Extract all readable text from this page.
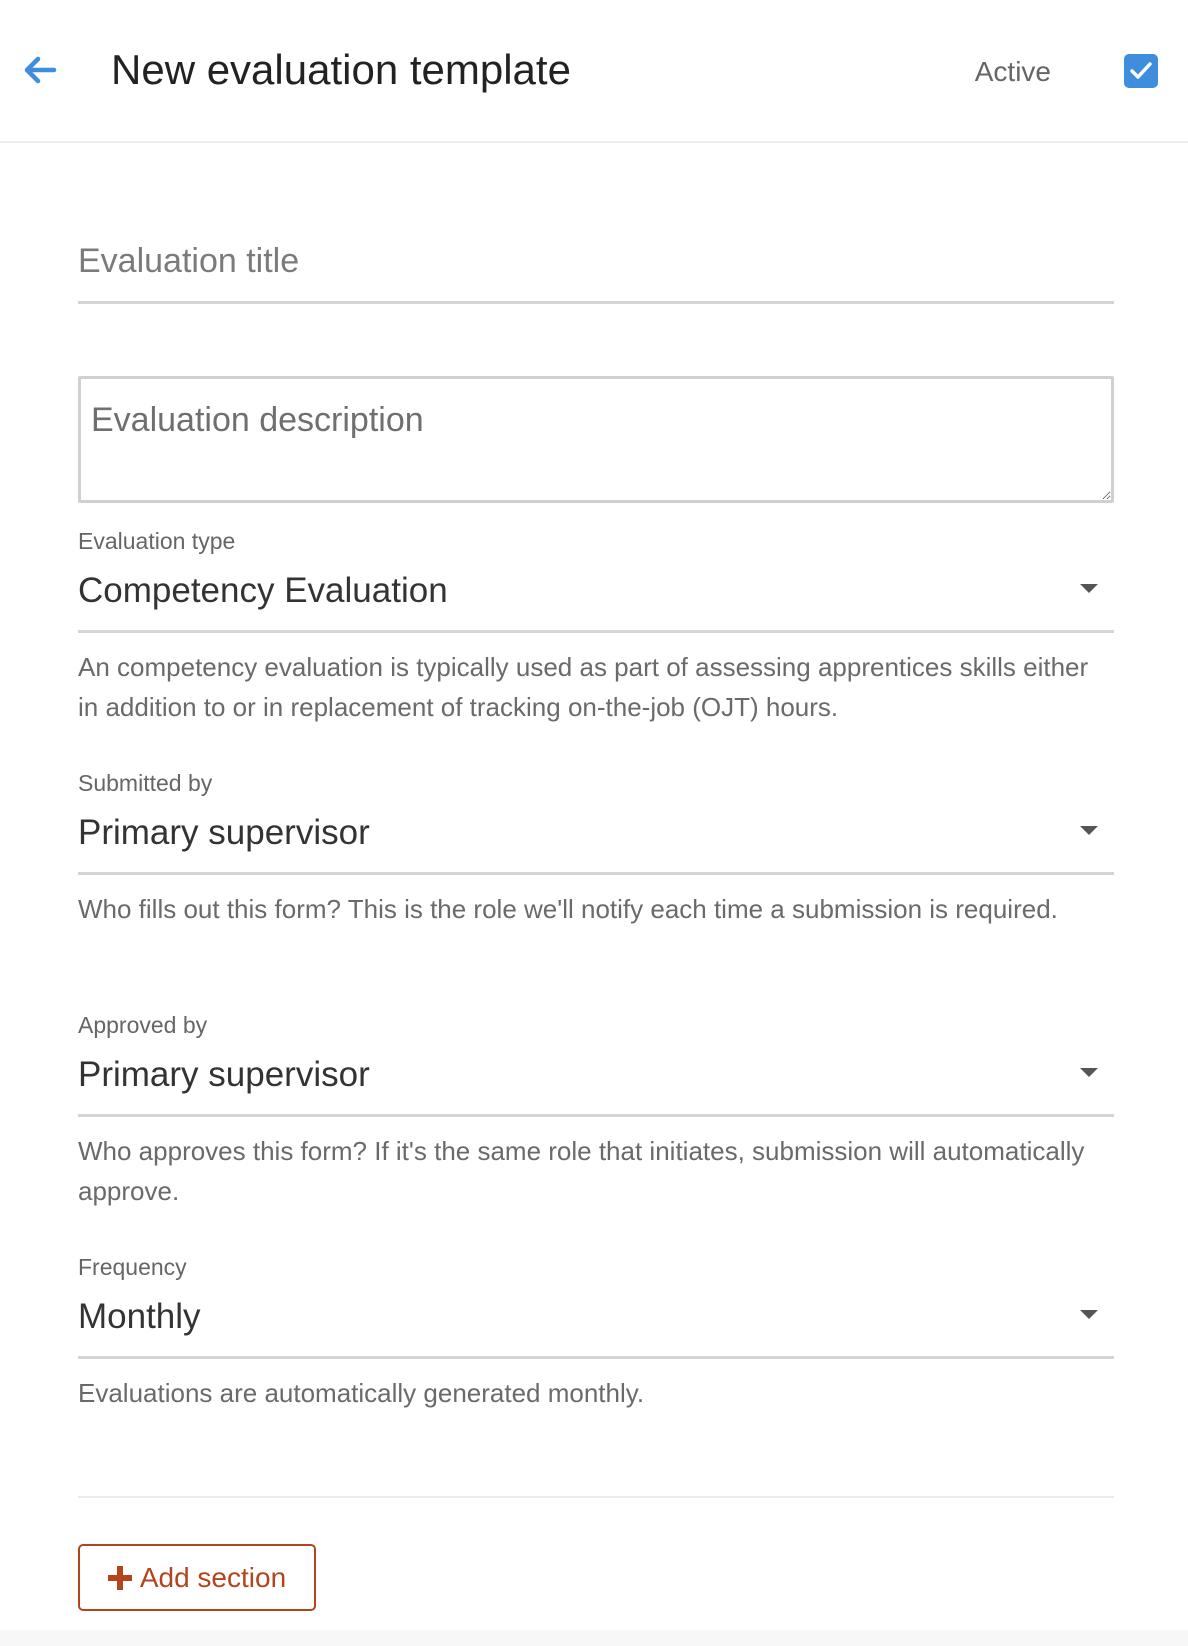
New evaluation template	Active
Evaluation title
Evaluation description
Evaluation type
Competency Evaluation
An competency evaluation is typically used as part of assessing apprentices skills either in addition to or in replacement of tracking on-the-job (OJT) hours.
Submitted by
Primary supervisor
Who fills out this form? This is the role we'll notify each time a submission is required.
Approved by
Primary supervisor
Who approves this form? If it's the same role that initiates, submission will automatically approve.
Frequency
Monthly
Evaluations are automatically generated monthly.
Add section
